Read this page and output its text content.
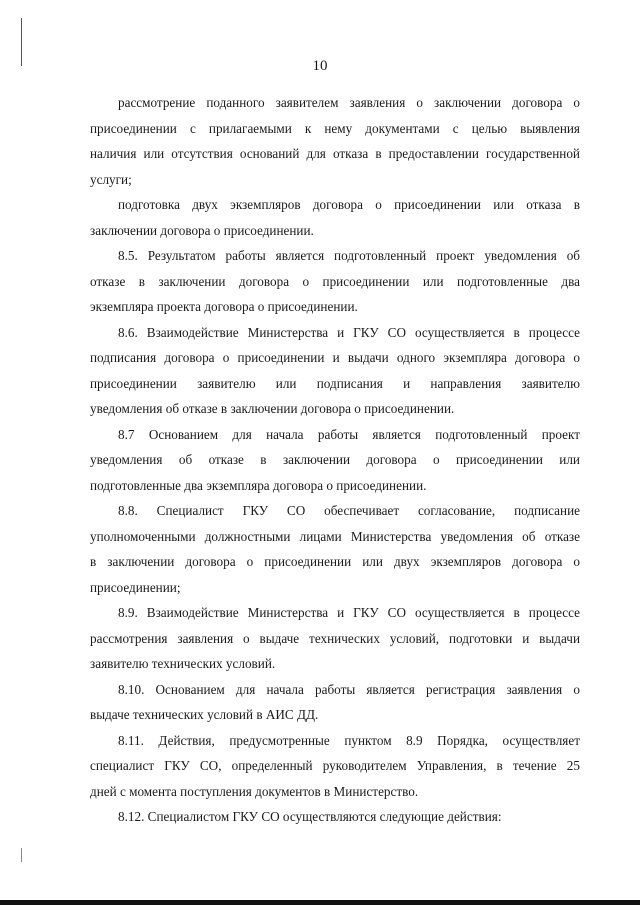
10
рассмотрение поданного заявителем заявления о заключении договора о
присоединении с прилагаемыми к нему документами с целью выявления
наличия или отсутствия оснований для отказа в предоставлении государственной
услуги;
подготовка двух экземпляров договора о присоединении или отказа в
заключении договора о присоединении.
8.5. Результатом работы является подготовленный проект уведомления об
отказе в заключении договора о присоединении или подготовленные два
экземпляра проекта договора о присоединении.
8.6. Взаимодействие Министерства и ГКУ СО осуществляется в процессе
подписания договора о присоединении и выдачи одного экземпляра договора о
присоединении заявителю или подписания и направления заявителю
уведомления об отказе в заключении договора о присоединении.
8.7 Основанием для начала работы является подготовленный проект
уведомления об отказе в заключении договора о присоединении или
подготовленные два экземпляра договора о присоединении.
8.8. Специалист ГКУ СО обеспечивает согласование, подписание
уполномоченными должностными лицами Министерства уведомления об отказе
в заключении договора о присоединении или двух экземпляров договора о
присоединении;
8.9. Взаимодействие Министерства и ГКУ СО осуществляется в процессе
рассмотрения заявления о выдаче технических условий, подготовки и выдачи
заявителю технических условий.
8.10. Основанием для начала работы является регистрация заявления о
выдаче технических условий в АИС ДД.
8.11. Действия, предусмотренные пунктом 8.9 Порядка, осуществляет
специалист ГКУ СО, определенный руководителем Управления, в течение 25
дней с момента поступления документов в Министерство.
8.12. Специалистом ГКУ СО осуществляются следующие действия:
